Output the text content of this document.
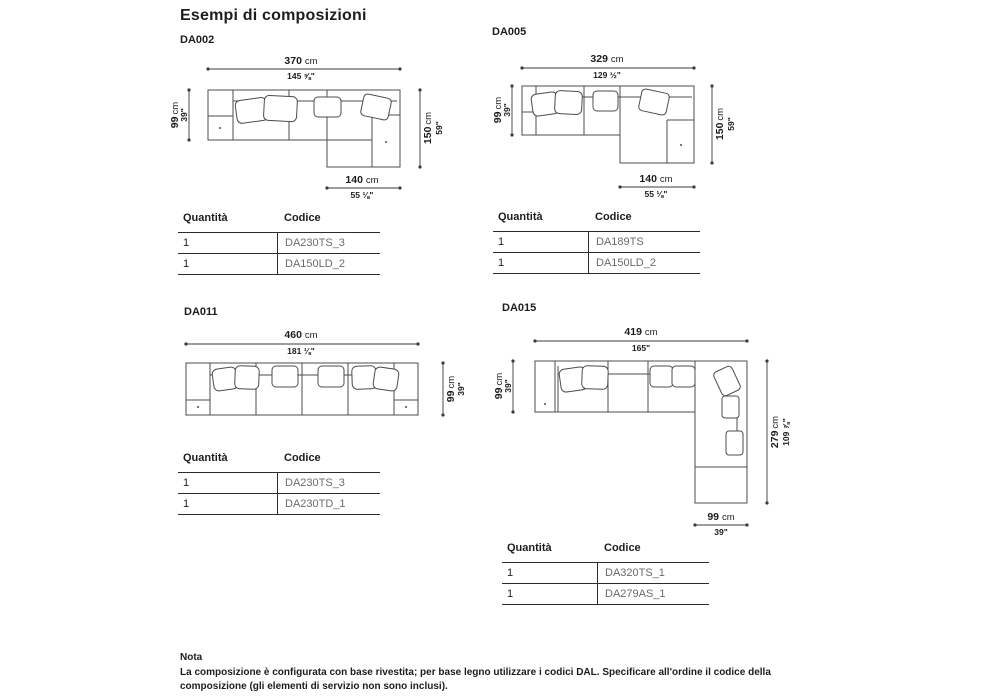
Esempi di composizioni
DA002
370 cm
145 ⅝"
99cm
39"
150cm
59"
140 cm
55 ⅛"
Quantità	Codice
1	DA230TS_3
1	DA150LD_2
DA005
329 cm
129 ½"
99cm
39"
150cm
59"
140 cm
55 ⅛"
Quantità	Codice
1	DA189TS
1	DA150LD_2
DA011
460 cm
181 ⅛"
99cm
39"
Quantità	Codice
1	DA230TS_3
1	DA230TD_1
DA015
419 cm
165"
99cm
39"
279cm 109 ⅞"
99 cm
39"
Quantità	Codice
1	DA320TS_1
1	DA279AS_1
Nota
La composizione è configurata con base rivestita; per base legno utilizzare i codici DAL. Specificare all'ordine il codice della composizione (gli elementi di servizio non sono inclusi).
